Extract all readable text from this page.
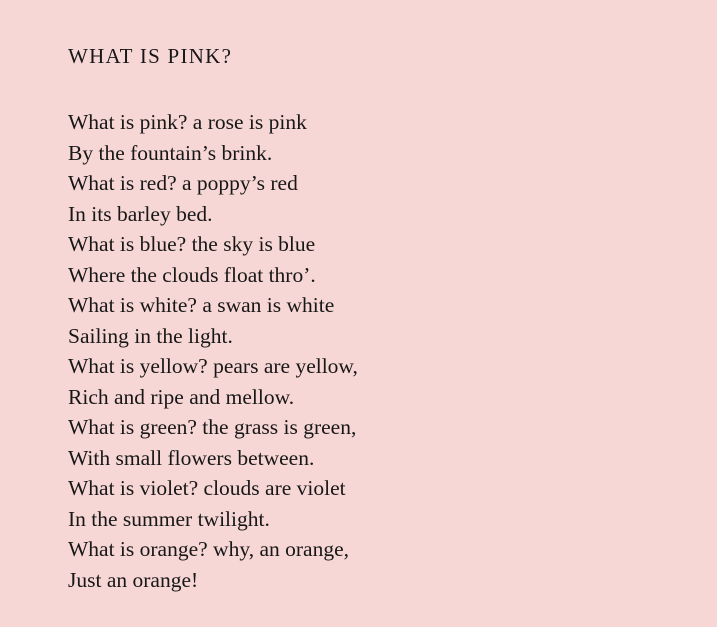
WHAT IS PINK?
What is pink? a rose is pink
By the fountain’s brink.
What is red? a poppy’s red
In its barley bed.
What is blue? the sky is blue
Where the clouds float thro’.
What is white? a swan is white
Sailing in the light.
What is yellow? pears are yellow,
Rich and ripe and mellow.
What is green? the grass is green,
With small flowers between.
What is violet? clouds are violet
In the summer twilight.
What is orange? why, an orange,
Just an orange!
